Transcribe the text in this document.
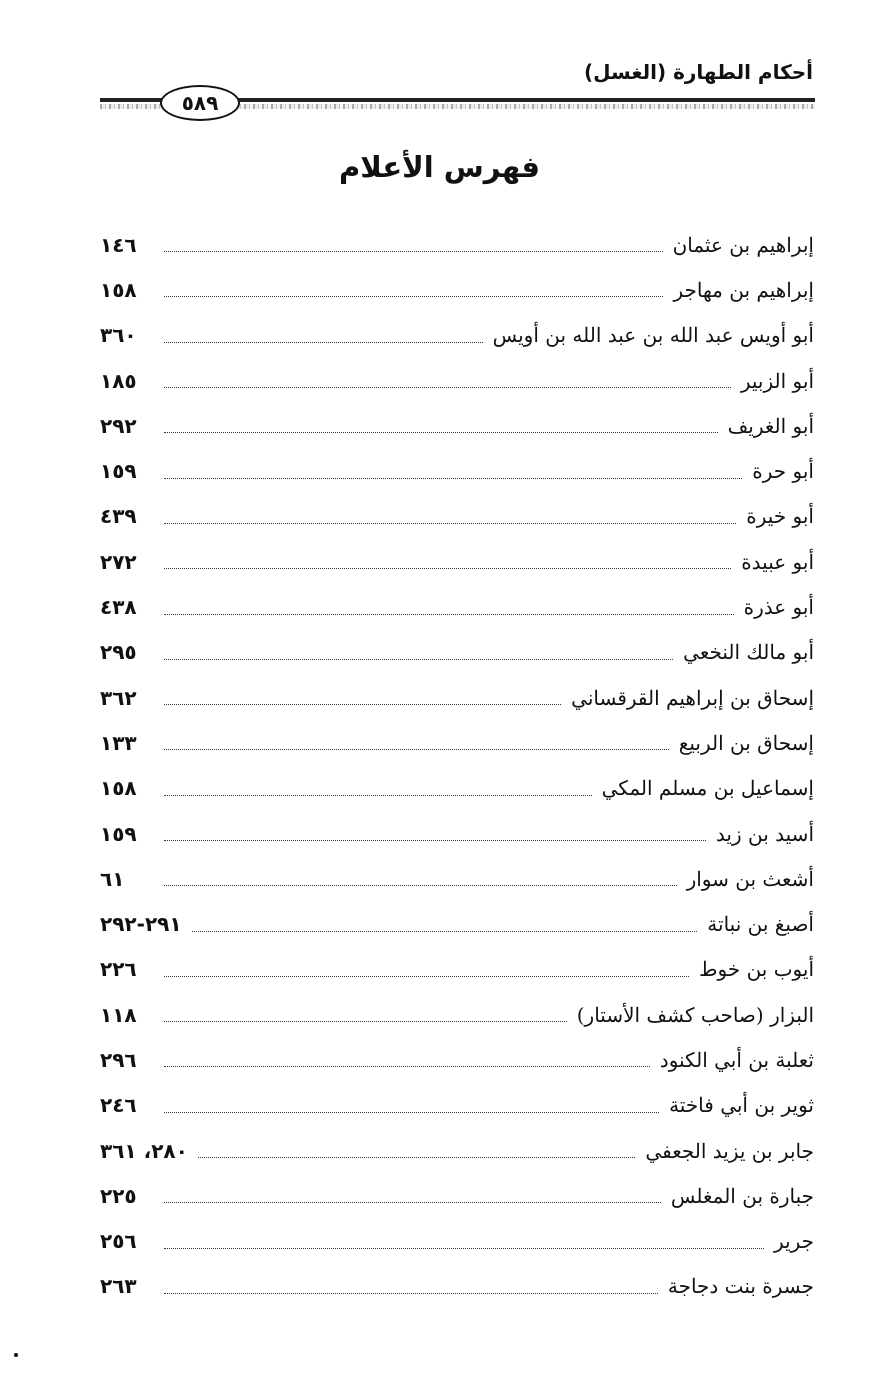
أحكام الطهارة (الغسل)
٥٨٩
فهرس الأعلام
إبراهيم بن عثمان
١٤٦
إبراهيم بن مهاجر
١٥٨
أبو أويس عبد الله بن عبد الله بن أويس
٣٦٠
أبو الزبير
١٨٥
أبو الغريف
٢٩٢
أبو حرة
١٥٩
أبو خيرة
٤٣٩
أبو عبيدة
٢٧٢
أبو عذرة
٤٣٨
أبو مالك النخعي
٢٩٥
إسحاق بن إبراهيم القرقساني
٣٦٢
إسحاق بن الربيع
١٣٣
إسماعيل بن مسلم المكي
١٥٨
أسيد بن زيد
١٥٩
أشعث بن سوار
٦١
أصبغ بن نباتة
٢٩١-٢٩٢
أيوب بن خوط
٢٢٦
البزار (صاحب كشف الأستار)
١١٨
ثعلبة بن أبي الكنود
٢٩٦
ثوير بن أبي فاختة
٢٤٦
جابر بن يزيد الجعفي
٢٨٠، ٣٦١
جبارة بن المغلس
٢٢٥
جرير
٢٥٦
جسرة بنت دجاجة
٢٦٣
